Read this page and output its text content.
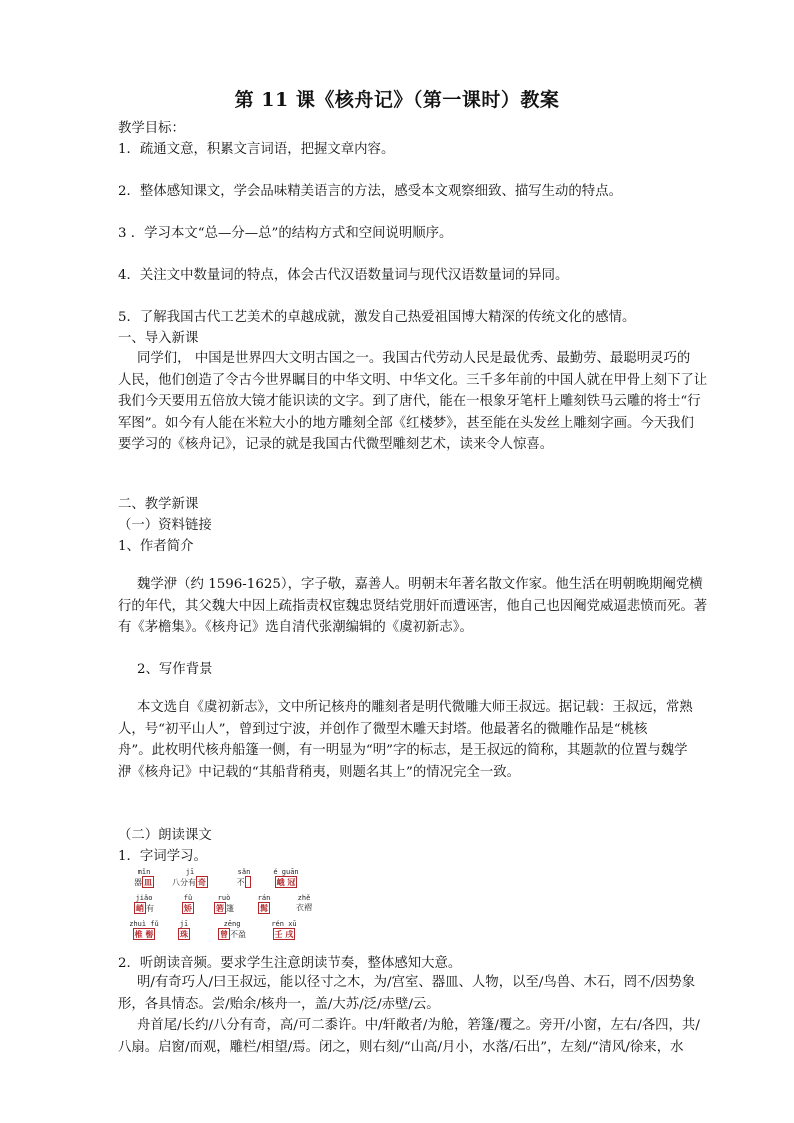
第 11 课《核舟记》（第一课时）教案
教学目标：
1．疏通文意，积累文言词语，把握文章内容。
2．整体感知课文，学会品味精美语言的方法，感受本文观察细致、描写生动的特点。
3 ．学习本文“总—分—总”的结构方式和空间说明顺序。
4．关注文中数量词的特点，体会古代汉语数量词与现代汉语数量词的异同。
5．了解我国古代工艺美术的卓越成就，激发自己热爱祖国博大精深的传统文化的感情。
一、导入新课
同学们， 中国是世界四大文明古国之一。我国古代劳动人民是最优秀、最勤劳、最聪明灵巧的
人民，他们创造了令古今世界瞩目的中华文明、中华文化。三千多年前的中国人就在甲骨上刻下了让
我们今天要用五倍放大镜才能识读的文字。到了唐代，能在一根象牙笔杆上雕刻铁马云雕的将士“行
军图”。如今有人能在米粒大小的地方雕刻全部《红楼梦》，甚至能在头发丝上雕刻字画。今天我们
要学习的《核舟记》，记录的就是我国古代微型雕刻艺术，读来令人惊喜。
二、教学新课
（一）资料链接
1、作者简介
魏学洢（约 1596-1625），字子敬，嘉善人。明朝末年著名散文作家。他生活在明朝晚期阉党横
行的年代，其父魏大中因上疏指责权宦魏忠贤结党朋奸而遭诬害，他自己也因阉党威逼悲愤而死。著
有《茅檐集》。《核舟记》选自清代张潮编辑的《虞初新志》。
2、写作背景
本文选自《虞初新志》，文中所记核舟的雕刻者是明代微雕大师王叔远。据记载：王叔远，常熟
人，号“初平山人”，曾到过宁波，并创作了微型木雕天封塔。他最著名的微雕作品是“桃核
舟”。此枚明代核舟船篷一侧，有一明显为“明”字的标志，是王叔远的简称，其题款的位置与魏学
洢《核舟记》中记载的“其船背稍夷，则题名其上”的情况完全一致。
（二）朗读课文
1．字词学习。
mǐn
器 皿
jī
八分有 奇
sǎn
不
é guān
峨 冠
jiǎo
峭 有
fǔ
矫
ruò
箬 篷
rán
髯
zhě
衣褶
zhuì fǔ
椎 髻
jī
珠
zēng
曾 不盈
rén xū
壬 戌
2．听朗读音频。要求学生注意朗读节奏，整体感知大意。
明/有奇巧人/曰王叔远，能以径寸之木，为/宫室、器皿、人物，以至/鸟兽、木石，罔不/因势象
形，各具情态。尝/贻余/核舟一，盖/大苏/泛/赤壁/云。
舟首尾/长约/八分有奇，高/可二黍许。中/轩敞者/为舱，箬篷/覆之。旁开/小窗，左右/各四，共/
八扇。启窗/而观，雕栏/相望/焉。闭之，则右刻/“山高/月小，水落/石出”，左刻/“清风/徐来，水
